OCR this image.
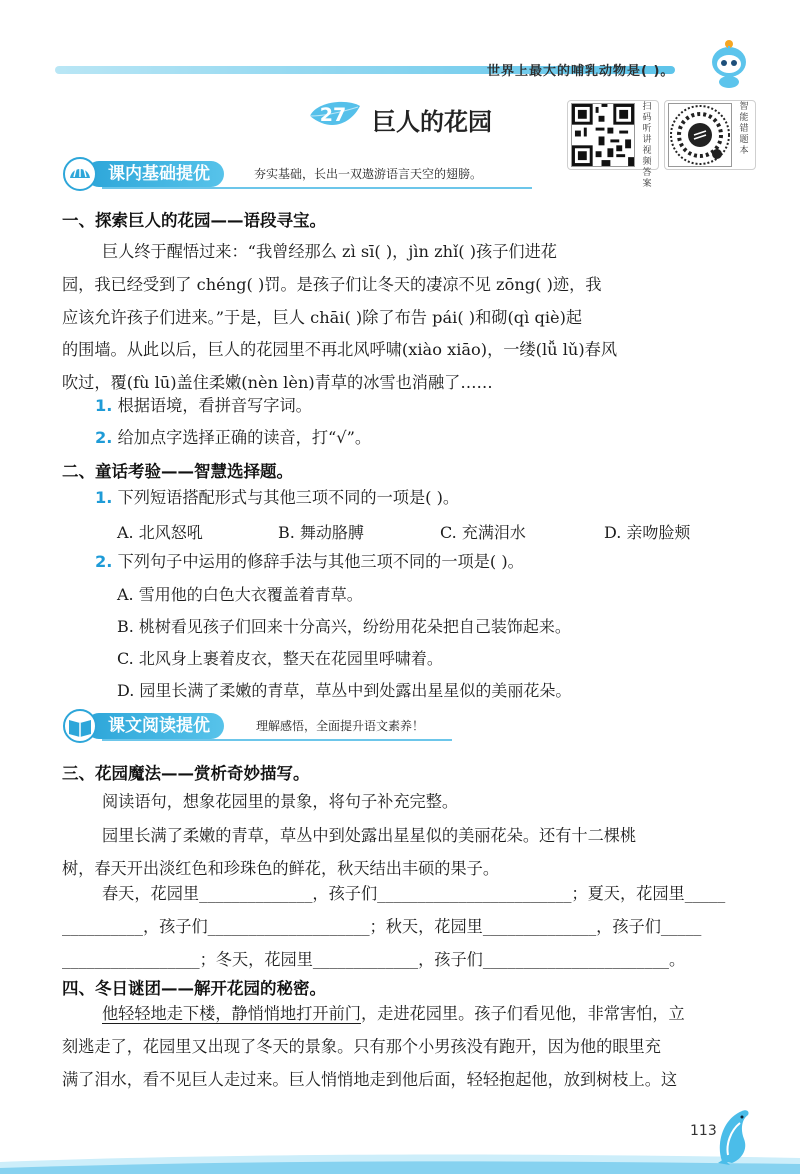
世界上最大的哺乳动物是( )。
27 巨人的花园
扫码听讲视频答案
智能错题本
课内基础提优	夯实基础，长出一双遨游语言天空的翅膀。
一、探索巨人的花园——语段寻宝。
巨人终于醒悟过来：“我曾经那么 zì sī( )，jìn zhǐ( )孩子们进花
园，我已经受到了 chéng( )罚。是孩子们让冬天的凄凉不见 zōng( )迹，我
应该允许孩子们进来。”于是，巨人 chāi( )除了布告 pái( )和砌(qì qiè)起
的围墙。从此以后，巨人的花园里不再北风呼啸(xiào xiāo)，一缕(lǚ lǔ)春风
吹过，覆(fù lū)盖住柔嫩(nèn lèn)青草的冰雪也消融了……
1. 根据语境，看拼音写字词。
2. 给加点字选择正确的读音，打“√”。
二、童话考验——智慧选择题。
1. 下列短语搭配形式与其他三项不同的一项是( )。
A. 北风怒吼	B. 舞动胳膊	C. 充满泪水	D. 亲吻脸颊
2. 下列句子中运用的修辞手法与其他三项不同的一项是( )。
A. 雪用他的白色大衣覆盖着青草。
B. 桃树看见孩子们回来十分高兴，纷纷用花朵把自己装饰起来。
C. 北风身上裹着皮衣，整天在花园里呼啸着。
D. 园里长满了柔嫩的青草，草丛中到处露出星星似的美丽花朵。
课文阅读提优	理解感悟，全面提升语文素养！
三、花园魔法——赏析奇妙描写。
阅读语句，想象花园里的景象，将句子补充完整。
园里长满了柔嫩的青草，草丛中到处露出星星似的美丽花朵。还有十二棵桃
树，春天开出淡红色和珍珠色的鲜花，秋天结出丰硕的果子。
春天，花园里______________，孩子们________________________；夏天，花园里_____
__________，孩子们____________________；秋天，花园里______________，孩子们_____
_________________；冬天，花园里_____________，孩子们_______________________。
四、冬日谜团——解开花园的秘密。
他轻轻地走下楼，静悄悄地打开前门，走进花园里。孩子们看见他，非常害怕，立
刻逃走了，花园里又出现了冬天的景象。只有那个小男孩没有跑开，因为他的眼里充
满了泪水，看不见巨人走过来。巨人悄悄地走到他后面，轻轻抱起他，放到树枝上。这
113
